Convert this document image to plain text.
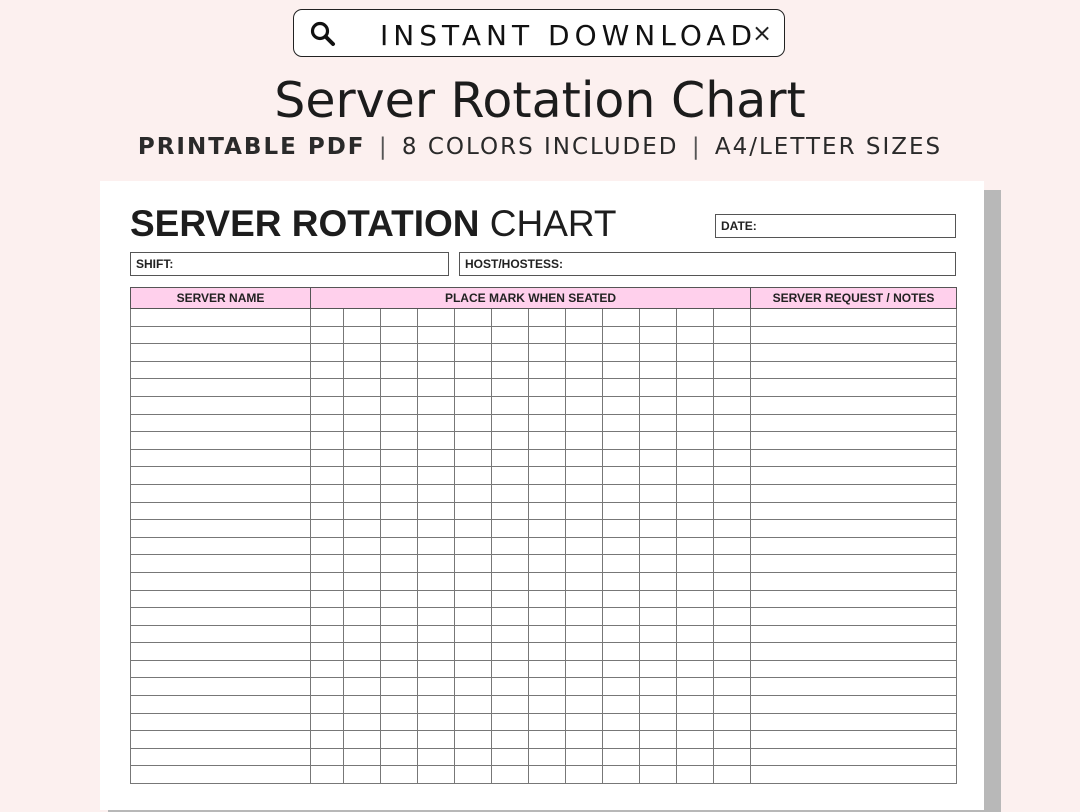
INSTANT DOWNLOAD
×
Server Rotation Chart
PRINTABLE PDF | 8 COLORS INCLUDED | A4/LETTER SIZES
SERVER ROTATION CHART	DATE:
SHIFT:	HOST/HOSTESS:
SERVER NAME	PLACE MARK WHEN SEATED												SERVER REQUEST / NOTES
